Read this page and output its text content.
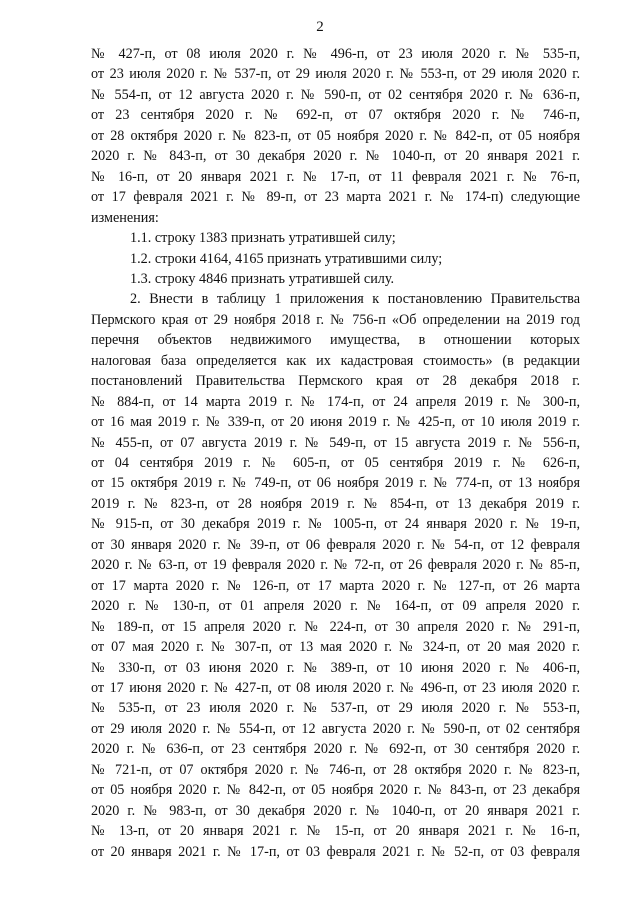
2
№ 427-п, от 08 июля 2020 г. № 496-п, от 23 июля 2020 г. № 535-п,
от 23 июля 2020 г. № 537-п, от 29 июля 2020 г. № 553-п, от 29 июля 2020 г.
№ 554-п, от 12 августа 2020 г. № 590-п, от 02 сентября 2020 г. № 636-п,
от 23 сентября 2020 г. № 692-п, от 07 октября 2020 г. № 746-п,
от 28 октября 2020 г. № 823-п, от 05 ноября 2020 г. № 842-п, от 05 ноября
2020 г. № 843-п, от 30 декабря 2020 г. № 1040-п, от 20 января 2021 г.
№ 16-п, от 20 января 2021 г. № 17-п, от 11 февраля 2021 г. № 76-п,
от 17 февраля 2021 г. № 89-п, от 23 марта 2021 г. № 174-п) следующие
изменения:
1.1. строку 1383 признать утратившей силу;
1.2. строки 4164, 4165 признать утратившими силу;
1.3. строку 4846 признать утратившей силу.
2. Внести в таблицу 1 приложения к постановлению Правительства
Пермского края от 29 ноября 2018 г. № 756-п «Об определении на 2019 год
перечня объектов недвижимого имущества, в отношении которых
налоговая база определяется как их кадастровая стоимость» (в редакции
постановлений Правительства Пермского края от 28 декабря 2018 г.
№ 884-п, от 14 марта 2019 г. № 174-п, от 24 апреля 2019 г. № 300-п,
от 16 мая 2019 г. № 339-п, от 20 июня 2019 г. № 425-п, от 10 июля 2019 г.
№ 455-п, от 07 августа 2019 г. № 549-п, от 15 августа 2019 г. № 556-п,
от 04 сентября 2019 г. № 605-п, от 05 сентября 2019 г. № 626-п,
от 15 октября 2019 г. № 749-п, от 06 ноября 2019 г. № 774-п, от 13 ноября
2019 г. № 823-п, от 28 ноября 2019 г. № 854-п, от 13 декабря 2019 г.
№ 915-п, от 30 декабря 2019 г. № 1005-п, от 24 января 2020 г. № 19-п,
от 30 января 2020 г. № 39-п, от 06 февраля 2020 г. № 54-п, от 12 февраля
2020 г. № 63-п, от 19 февраля 2020 г. № 72-п, от 26 февраля 2020 г. № 85-п,
от 17 марта 2020 г. № 126-п, от 17 марта 2020 г. № 127-п, от 26 марта
2020 г. № 130-п, от 01 апреля 2020 г. № 164-п, от 09 апреля 2020 г.
№ 189-п, от 15 апреля 2020 г. № 224-п, от 30 апреля 2020 г. № 291-п,
от 07 мая 2020 г. № 307-п, от 13 мая 2020 г. № 324-п, от 20 мая 2020 г.
№ 330-п, от 03 июня 2020 г. № 389-п, от 10 июня 2020 г. № 406-п,
от 17 июня 2020 г. № 427-п, от 08 июля 2020 г. № 496-п, от 23 июля 2020 г.
№ 535-п, от 23 июля 2020 г. № 537-п, от 29 июля 2020 г. № 553-п,
от 29 июля 2020 г. № 554-п, от 12 августа 2020 г. № 590-п, от 02 сентября
2020 г. № 636-п, от 23 сентября 2020 г. № 692-п, от 30 сентября 2020 г.
№ 721-п, от 07 октября 2020 г. № 746-п, от 28 октября 2020 г. № 823-п,
от 05 ноября 2020 г. № 842-п, от 05 ноября 2020 г. № 843-п, от 23 декабря
2020 г. № 983-п, от 30 декабря 2020 г. № 1040-п, от 20 января 2021 г.
№ 13-п, от 20 января 2021 г. № 15-п, от 20 января 2021 г. № 16-п,
от 20 января 2021 г. № 17-п, от 03 февраля 2021 г. № 52-п, от 03 февраля
